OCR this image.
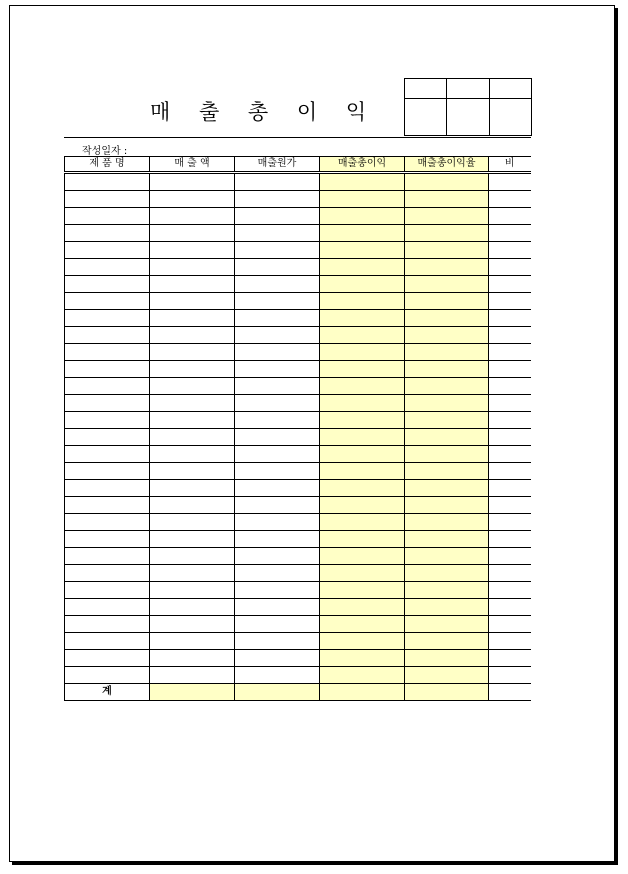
매 출 총 이 익

작성일자 :
제 품 명	매 출 액	매출원가	매출총이익	매출총이익율	비

계					
